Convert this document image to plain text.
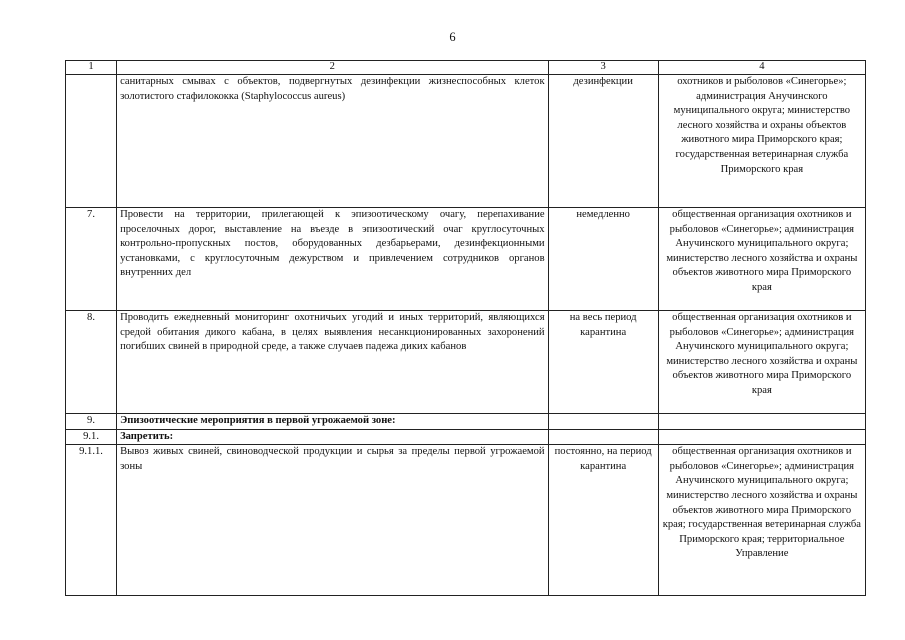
6
1	2	3	4
	санитарных смывах с объектов, подвергнутых дезинфекции жизнеспособных клеток золотистого стафилококка (Staphylococcus aureus)	дезинфекции	охотников и рыболовов «Синегорье»; администрация Анучинского муниципального округа; министерство лесного хозяйства и охраны объектов животного мира Приморского края; государственная ветеринарная служба Приморского края
7.	Провести на территории, прилегающей к эпизоотическому очагу, перепахивание проселочных дорог, выставление на въезде в эпизоотический очаг круглосуточных контрольно-пропускных постов, оборудованных дезбарьерами, дезинфекционными установками, с круглосуточным дежурством и привлечением сотрудников органов внутренних дел	немедленно	общественная организация охотников и рыболовов «Синегорье»; администрация Анучинского муниципального округа; министерство лесного хозяйства и охраны объектов животного мира Приморского края
8.	Проводить ежедневный мониторинг охотничьих угодий и иных территорий, являющихся средой обитания дикого кабана, в целях выявления несанкционированных захоронений погибших свиней в природной среде, а также случаев падежа диких кабанов	на весь период карантина	общественная организация охотников и рыболовов «Синегорье»; администрация Анучинского муниципального округа; министерство лесного хозяйства и охраны объектов животного мира Приморского края
9.	Эпизоотические мероприятия в первой угрожаемой зоне:		
9.1.	Запретить:		
9.1.1.	Вывоз живых свиней, свиноводческой продукции и сырья за пределы первой угрожаемой зоны	постоянно, на период карантина	общественная организация охотников и рыболовов «Синегорье»; администрация Анучинского муниципального округа; министерство лесного хозяйства и охраны объектов животного мира Приморского края; государственная ветеринарная служба Приморского края; территориальное Управление
